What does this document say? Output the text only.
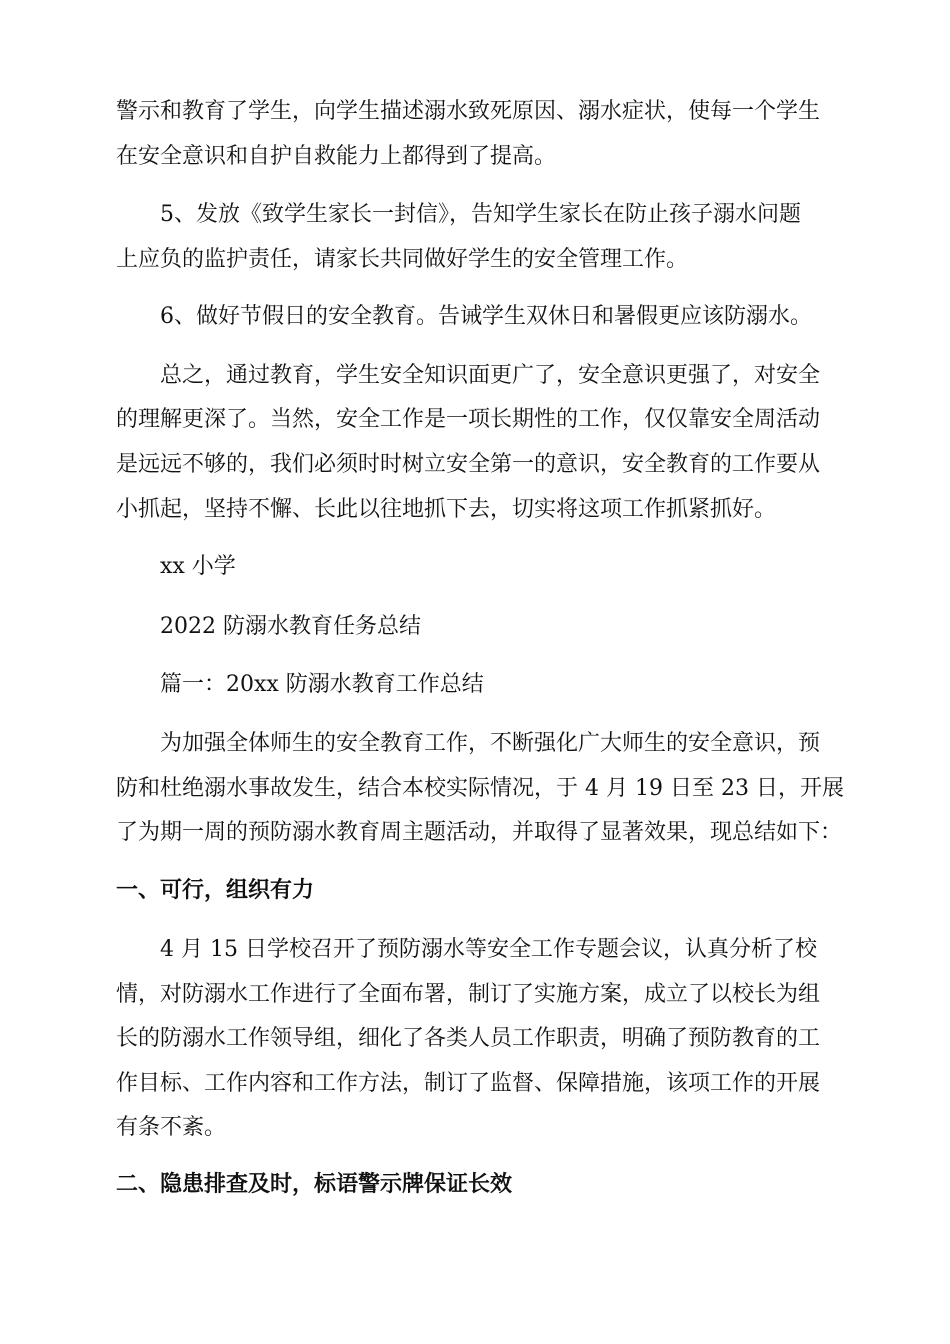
警示和教育了学生，向学生描述溺水致死原因、溺水症状，使每一个学生
在安全意识和自护自救能力上都得到了提高。
5、发放《致学生家长一封信》，告知学生家长在防止孩子溺水问题
上应负的监护责任，请家长共同做好学生的安全管理工作。
6、做好节假日的安全教育。告诫学生双休日和暑假更应该防溺水。
总之，通过教育，学生安全知识面更广了，安全意识更强了，对安全
的理解更深了。当然，安全工作是一项长期性的工作，仅仅靠安全周活动
是远远不够的，我们必须时时树立安全第一的意识，安全教育的工作要从
小抓起，坚持不懈、长此以往地抓下去，切实将这项工作抓紧抓好。
xx 小学
2022 防溺水教育任务总结
篇一：20xx 防溺水教育工作总结
为加强全体师生的安全教育工作，不断强化广大师生的安全意识，预
防和杜绝溺水事故发生，结合本校实际情况，于 4 月 19 日至 23 日，开展
了为期一周的预防溺水教育周主题活动，并取得了显著效果，现总结如下：
一、可行，组织有力
4 月 15 日学校召开了预防溺水等安全工作专题会议，认真分析了校
情，对防溺水工作进行了全面布署，制订了实施方案，成立了以校长为组
长的防溺水工作领导组，细化了各类人员工作职责，明确了预防教育的工
作目标、工作内容和工作方法，制订了监督、保障措施，该项工作的开展
有条不紊。
二、隐患排查及时，标语警示牌保证长效
